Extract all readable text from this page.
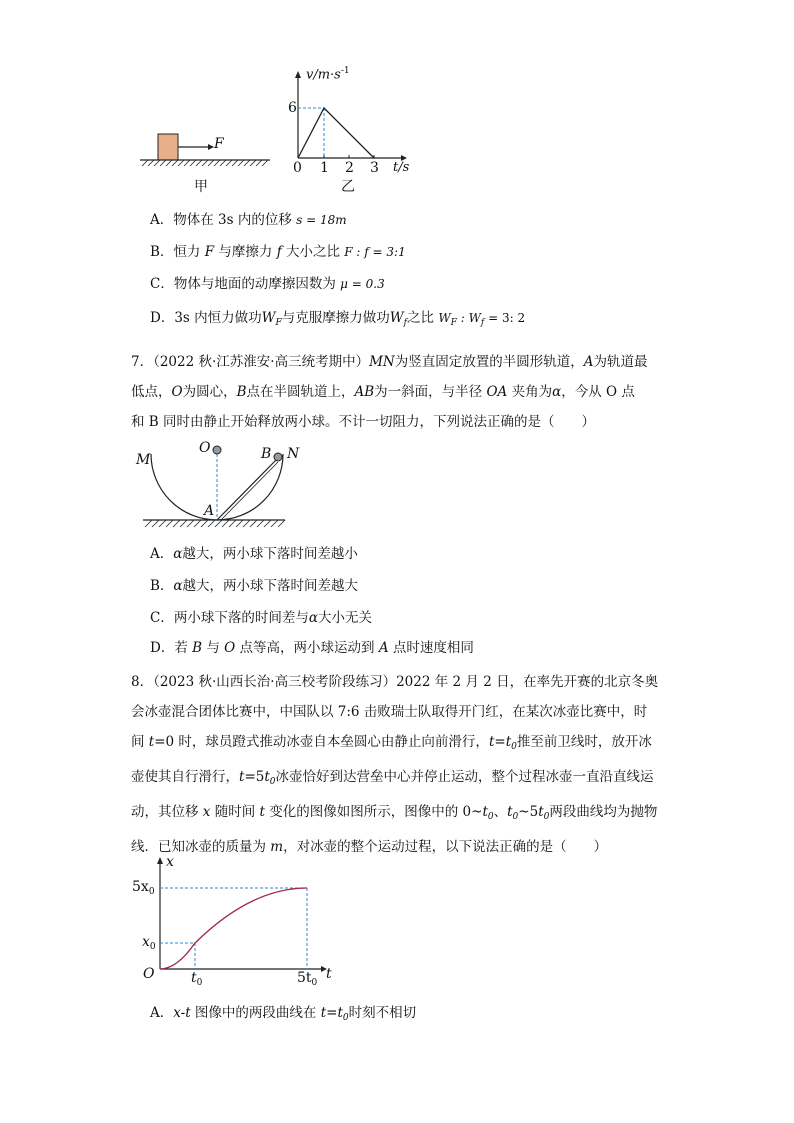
F
甲
$v/m\cdot s^{-1}$
6
0 1 2 3 t/s
乙
A．物体在 3s 内的位移 s = 18m
B．恒力 F 与摩擦力 f 大小之比 F : f = 3:1
C．物体与地面的动摩擦因数为 μ = 0.3
D．3s 内恒力做功$W_F$与克服摩擦力做功$W_f$之比 $W_F$ : $W_f = 3$: 2
7．（2022 秋·江苏淮安·高三统考期中）MN为竖直固定放置的半圆形轨道，A为轨道最
低点，O为圆心，B点在半圆轨道上，AB为一斜面，与半径 OA 夹角为α，今从 O 点
和 B 同时由静止开始释放两小球。不计一切阻力，下列说法正确的是（　　）
M
O	B N
A
A．α越大，两小球下落时间差越小
B．α越大，两小球下落时间差越大
C．两小球下落的时间差与α大小无关
D．若 B 与 O 点等高，两小球运动到 A 点时速度相同
8．（2023 秋·山西长治·高三校考阶段练习）2022 年 2 月 2 日，在率先开赛的北京冬奥
会冰壶混合团体比赛中，中国队以 7:6 击败瑞士队取得开门红，在某次冰壶比赛中，时
间 t=0 时，球员蹬式推动冰壶自本垒圆心由静止向前滑行，$t=t_0$推至前卫线时，放开冰
壶使其自行滑行，$t=5t_0$冰壶恰好到达营垒中心并停止运动，整个过程冰壶一直沿直线运
动，其位移 x 随时间 t 变化的图像如图所示，图像中的 $0\sim t_0$、$t_0\sim 5t_0$两段曲线均为抛物
线．已知冰壶的质量为 m，对冰壶的整个运动过程，以下说法正确的是（　　）
x
$5x_0$
$x_0$
O	$t_0$	$5t_0$
t
A．x-t 图像中的两段曲线在 $t=t_0$时刻不相切
